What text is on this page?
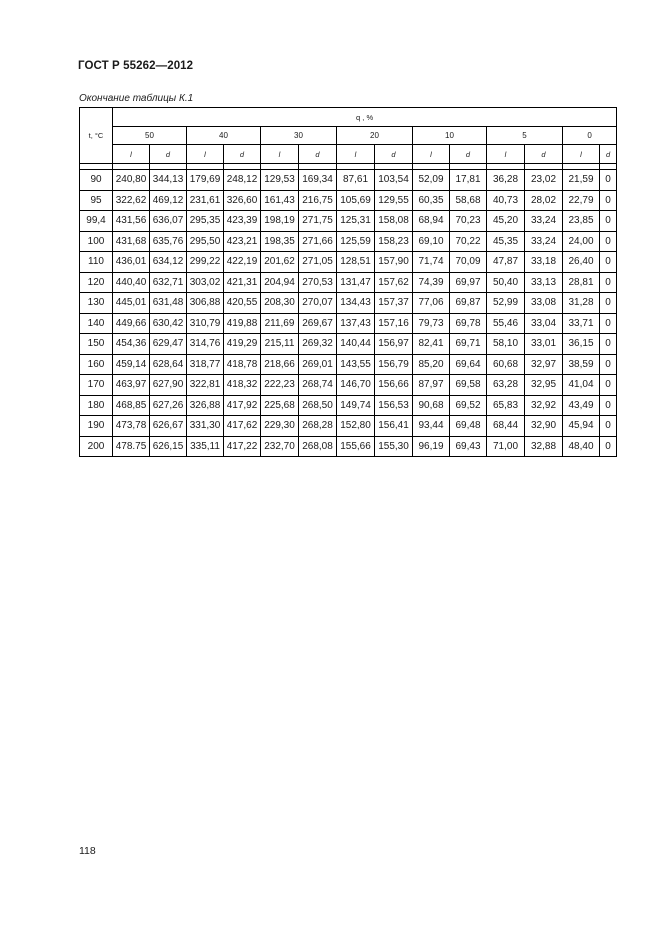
ГОСТ Р 55262—2012
Окончание таблицы К.1
t, °C	q , %													
	50		40		30		20		10		5		0	
	l	d	l	d	l	d	l	d	l	d	l	d	l	d

90	240,80	344,13	179,69	248,12	129,53	169,34	87,61	103,54	52,09	17,81	36,28	23,02	21,59	0
95	322,62	469,12	231,61	326,60	161,43	216,75	105,69	129,55	60,35	58,68	40,73	28,02	22,79	0
99,4	431,56	636,07	295,35	423,39	198,19	271,75	125,31	158,08	68,94	70,23	45,20	33,24	23,85	0
100	431,68	635,76	295,50	423,21	198,35	271,66	125,59	158,23	69,10	70,22	45,35	33,24	24,00	0
110	436,01	634,12	299,22	422,19	201,62	271,05	128,51	157,90	71,74	70,09	47,87	33,18	26,40	0
120	440,40	632,71	303,02	421,31	204,94	270,53	131,47	157,62	74,39	69,97	50,40	33,13	28,81	0
130	445,01	631,48	306,88	420,55	208,30	270,07	134,43	157,37	77,06	69,87	52,99	33,08	31,28	0
140	449,66	630,42	310,79	419,88	211,69	269,67	137,43	157,16	79,73	69,78	55,46	33,04	33,71	0
150	454,36	629,47	314,76	419,29	215,11	269,32	140,44	156,97	82,41	69,71	58,10	33,01	36,15	0
160	459,14	628,64	318,77	418,78	218,66	269,01	143,55	156,79	85,20	69,64	60,68	32,97	38,59	0
170	463,97	627,90	322,81	418,32	222,23	268,74	146,70	156,66	87,97	69,58	63,28	32,95	41,04	0
180	468,85	627,26	326,88	417,92	225,68	268,50	149,74	156,53	90,68	69,52	65,83	32,92	43,49	0
190	473,78	626,67	331,30	417,62	229,30	268,28	152,80	156,41	93,44	69,48	68,44	32,90	45,94	0
200	478.75	626,15	335,11	417,22	232,70	268,08	155,66	155,30	96,19	69,43	71,00	32,88	48,40	0
118
